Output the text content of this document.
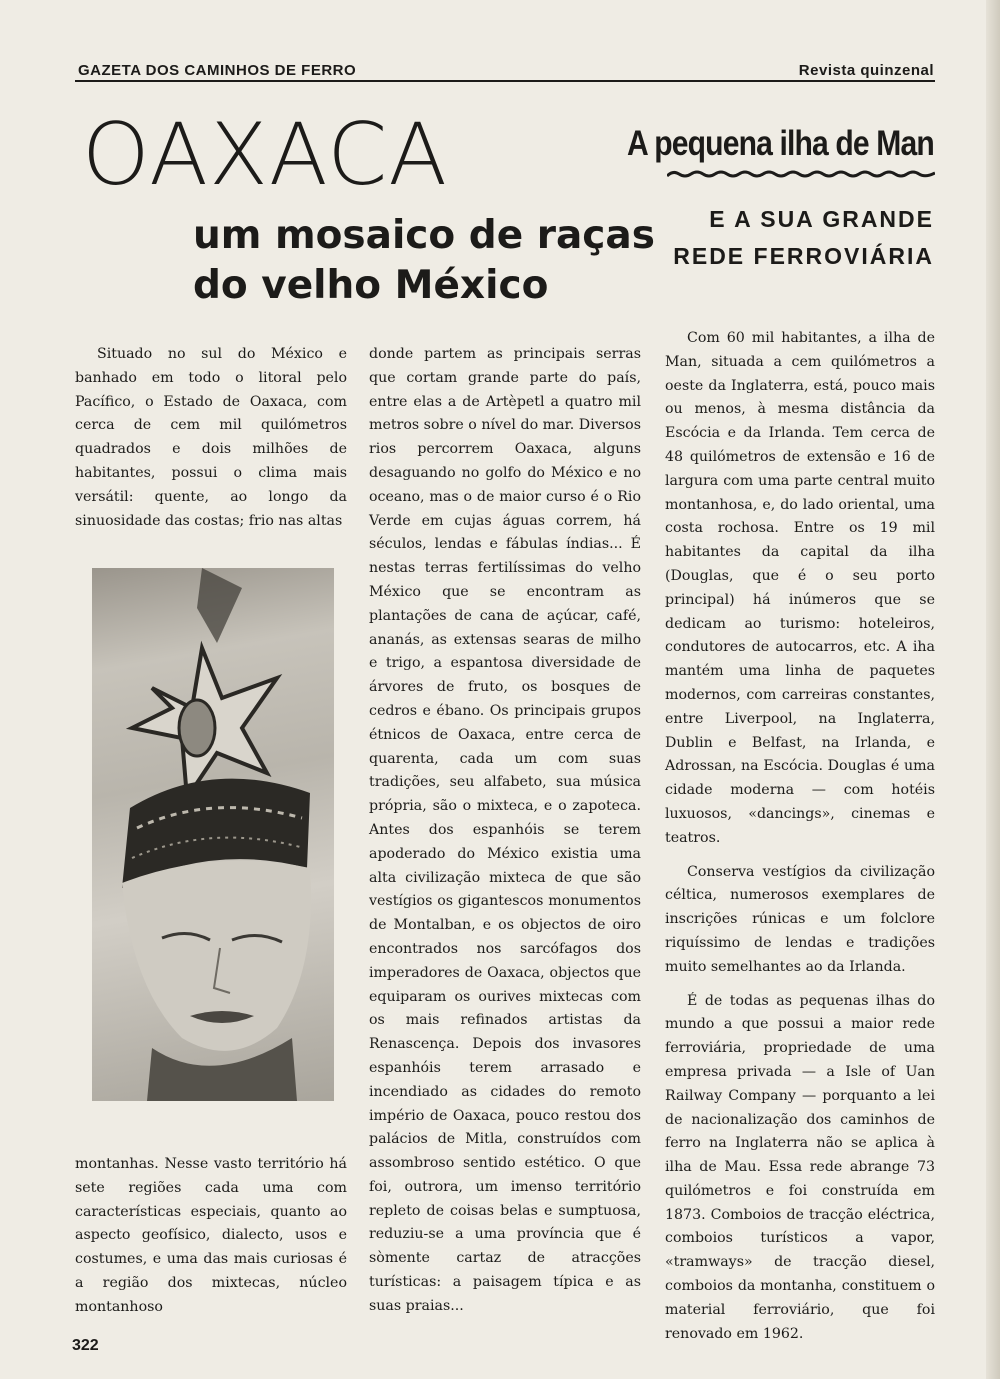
GAZETA DOS CAMINHOS DE FERRO	Revista quinzenal
OAXACA
um mosaico de raças
do velho México
A pequena ilha de Man
E A SUA GRANDE
REDE FERROVIÁRIA

Situado no sul do México e banhado em todo o litoral pelo Pacífico, o Estado de Oaxaca, com cerca de cem mil quilómetros quadrados e dois milhões de habitantes, possui o clima mais versátil: quente, ao longo da sinuosidade das costas; frio nas altas

montanhas. Nesse vasto território há sete regiões cada uma com características especiais, quanto ao aspecto geofísico, dialecto, usos e costumes, e uma das mais curiosas é a região dos mixtecas, núcleo montanhoso

donde partem as principais serras que cortam grande parte do país, entre elas a de Artèpetl a quatro mil metros sobre o nível do mar. Diversos rios percorrem Oaxaca, alguns desaguando no golfo do México e no oceano, mas o de maior curso é o Rio Verde em cujas águas correm, há séculos, lendas e fábulas índias... É nestas terras fertilíssimas do velho México que se encontram as plantações de cana de açúcar, café, ananás, as extensas searas de milho e trigo, a espantosa diversidade de árvores de fruto, os bosques de cedros e ébano. Os principais grupos étnicos de Oaxaca, entre cerca de quarenta, cada um com suas tradições, seu alfabeto, sua música própria, são o mixteca, e o zapoteca. Antes dos espanhóis se terem apoderado do México existia uma alta civilização mixteca de que são vestígios os gigantescos monumentos de Montalban, e os objectos de oiro encontrados nos sarcófagos dos imperadores de Oaxaca, objectos que equiparam os ourives mixtecas com os mais refinados artistas da Renascença. Depois dos invasores espanhóis terem arrasado e incendiado as cidades do remoto império de Oaxaca, pouco restou dos palácios de Mitla, construídos com assombroso sentido estético. O que foi, outrora, um imenso território repleto de coisas belas e sumptuosa, reduziu-se a uma província que é sòmente cartaz de atracções turísticas: a paisagem típica e as suas praias...

Com 60 mil habitantes, a ilha de Man, situada a cem quilómetros a oeste da Inglaterra, está, pouco mais ou menos, à mesma distância da Escócia e da Irlanda. Tem cerca de 48 quilómetros de extensão e 16 de largura com uma parte central muito montanhosa, e, do lado oriental, uma costa rochosa. Entre os 19 mil habitantes da capital da ilha (Douglas, que é o seu porto principal) há inúmeros que se dedicam ao turismo: hoteleiros, condutores de autocarros, etc. A iha mantém uma linha de paquetes modernos, com carreiras constantes, entre Liverpool, na Inglaterra, Dublin e Belfast, na Irlanda, e Adrossan, na Escócia. Douglas é uma cidade moderna — com hotéis luxuosos, «dancings», cinemas e teatros.

Conserva vestígios da civilização céltica, numerosos exemplares de inscrições rúnicas e um folclore riquíssimo de lendas e tradições muito semelhantes ao da Irlanda.

É de todas as pequenas ilhas do mundo a que possui a maior rede ferroviária, propriedade de uma empresa privada — a Isle of Uan Railway Company — porquanto a lei de nacionalização dos caminhos de ferro na Inglaterra não se aplica à ilha de Mau. Essa rede abrange 73 quilómetros e foi construída em 1873. Comboios de tracção eléctrica, comboios turísticos a vapor, «tramways» de tracção diesel, comboios da montanha, constituem o material ferroviário, que foi renovado em 1962.

322
